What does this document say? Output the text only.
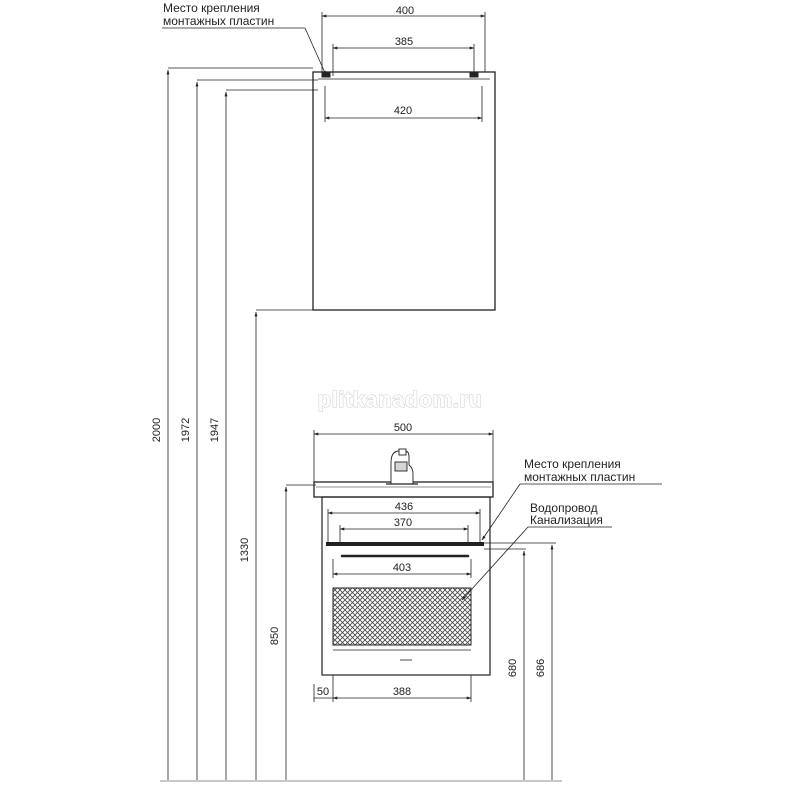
400
385
420
Место крепления
монтажных пластин
2000 1972 1947
1330
850
500
436
370
403
50	388
Место крепления
монтажных пластин
Водопровод
Канализация
680 686
plitkanadom.ru
